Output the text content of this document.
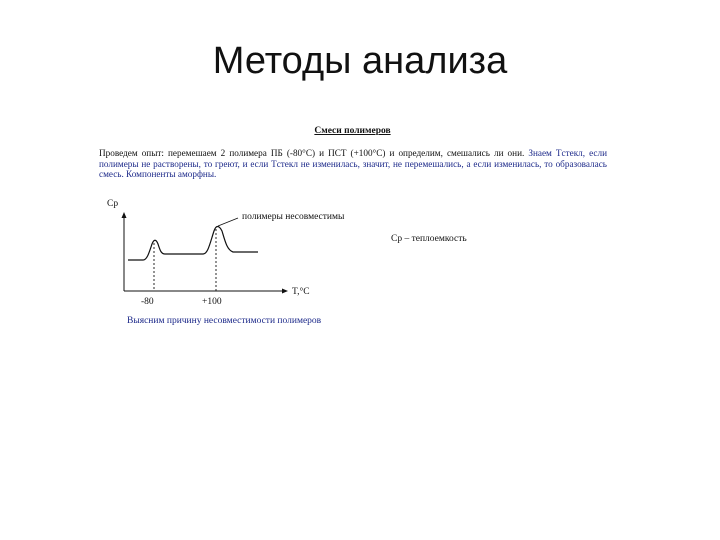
Методы анализа
Смеси полимеров
Проведем опыт: перемешаем 2 полимера ПБ (-80°С) и ПСТ (+100°С) и определим, смешались ли они. Знаем Tстекл, если полимеры не растворены, то греют, и если Tстекл не изменилась, значит, не перемешались, а если изменилась, то образовалась смесь. Компоненты аморфны.
Cp
T,°C
полимеры несовместимы
Cp – теплоемкость
-80	+100
Выясним причину несовместимости полимеров
